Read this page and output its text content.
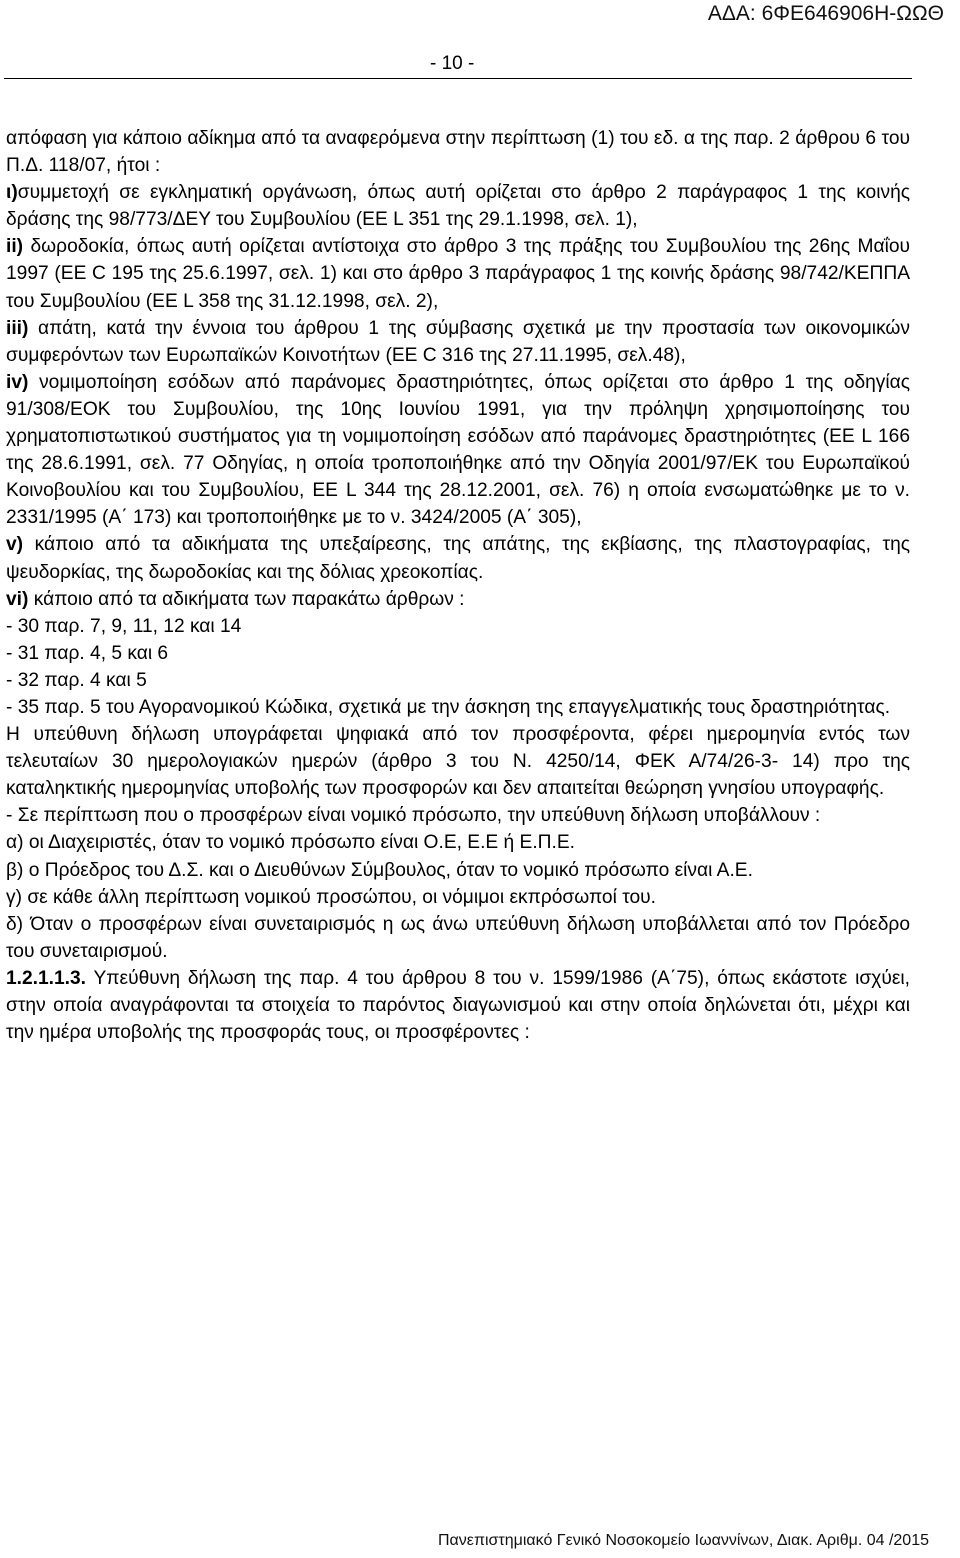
ΑΔΑ: 6ΦΕ646906Η-ΩΩΘ
- 10 -

απόφαση για κάποιο αδίκημα από τα αναφερόμενα στην περίπτωση (1) του εδ. α της παρ. 2 άρθρου 6 του Π.Δ. 118/07, ήτοι :

ι)συμμετοχή σε εγκληματική οργάνωση, όπως αυτή ορίζεται στο άρθρο 2 παράγραφος 1 της κοινής δράσης της 98/773/ΔΕΥ του Συμβουλίου (ΕΕ L 351 της 29.1.1998, σελ. 1),

ii) δωροδοκία, όπως αυτή ορίζεται αντίστοιχα στο άρθρο 3 της πράξης του Συμβουλίου της 26ης Μαΐου 1997 (ΕΕ C 195 της 25.6.1997, σελ. 1) και στο άρθρο 3 παράγραφος 1 της κοινής δράσης 98/742/ΚΕΠΠΑ του Συμβουλίου (ΕΕ L 358 της 31.12.1998, σελ. 2),

iii) απάτη, κατά την έννοια του άρθρου 1 της σύμβασης σχετικά με την προστασία των οικονομικών συμφερόντων των Ευρωπαϊκών Κοινοτήτων (ΕΕ C 316 της 27.11.1995, σελ.48),

iv) νομιμοποίηση εσόδων από παράνομες δραστηριότητες, όπως ορίζεται στο άρθρο 1 της οδηγίας 91/308/ΕΟΚ του Συμβουλίου, της 10ης Ιουνίου 1991, για την πρόληψη χρησιμοποίησης του χρηματοπιστωτικού συστήματος για τη νομιμοποίηση εσόδων από παράνομες δραστηριότητες (ΕΕ L 166 της 28.6.1991, σελ. 77 Οδηγίας, η οποία τροποποιήθηκε από την Οδηγία 2001/97/ΕΚ του Ευρωπαϊκού Κοινοβουλίου και του Συμβουλίου, ΕΕ L 344 της 28.12.2001, σελ. 76) η οποία ενσωματώθηκε με το ν. 2331/1995 (Α΄ 173) και τροποποιήθηκε με το ν. 3424/2005 (Α΄ 305),

v) κάποιο από τα αδικήματα της υπεξαίρεσης, της απάτης, της εκβίασης, της πλαστογραφίας, της ψευδορκίας, της δωροδοκίας και της δόλιας χρεοκοπίας.

vi) κάποιο από τα αδικήματα των παρακάτω άρθρων :

- 30 παρ. 7, 9, 11, 12 και 14

- 31 παρ. 4, 5 και 6

- 32 παρ. 4 και 5

- 35 παρ. 5 του Αγορανομικού Κώδικα, σχετικά με την άσκηση της επαγγελματικής τους δραστηριότητας.

Η υπεύθυνη δήλωση υπογράφεται ψηφιακά από τον προσφέροντα, φέρει ημερομηνία εντός των τελευταίων 30 ημερολογιακών ημερών (άρθρο 3 του Ν. 4250/14, ΦΕΚ Α/74/26-3- 14) προ της καταληκτικής ημερομηνίας υποβολής των προσφορών και δεν απαιτείται θεώρηση γνησίου υπογραφής.

- Σε περίπτωση που ο προσφέρων είναι νομικό πρόσωπο, την υπεύθυνη δήλωση υποβάλλουν :

α) οι Διαχειριστές, όταν το νομικό πρόσωπο είναι Ο.Ε, Ε.Ε ή Ε.Π.Ε.

β) ο Πρόεδρος του Δ.Σ. και ο Διευθύνων Σύμβουλος, όταν το νομικό πρόσωπο είναι Α.Ε.

γ) σε κάθε άλλη περίπτωση νομικού προσώπου, οι νόμιμοι εκπρόσωποί του.

δ) Όταν ο προσφέρων είναι συνεταιρισμός η ως άνω υπεύθυνη δήλωση υποβάλλεται από τον Πρόεδρο του συνεταιρισμού.

1.2.1.1.3. Υπεύθυνη δήλωση της παρ. 4 του άρθρου 8 του ν. 1599/1986 (Α΄75), όπως εκάστοτε ισχύει, στην οποία αναγράφονται τα στοιχεία το παρόντος διαγωνισμού και στην οποία δηλώνεται ότι, μέχρι και την ημέρα υποβολής της προσφοράς τους, οι προσφέροντες :

Πανεπιστημιακό Γενικό Νοσοκομείο Ιωαννίνων, Διακ. Αριθμ. 04 /2015
